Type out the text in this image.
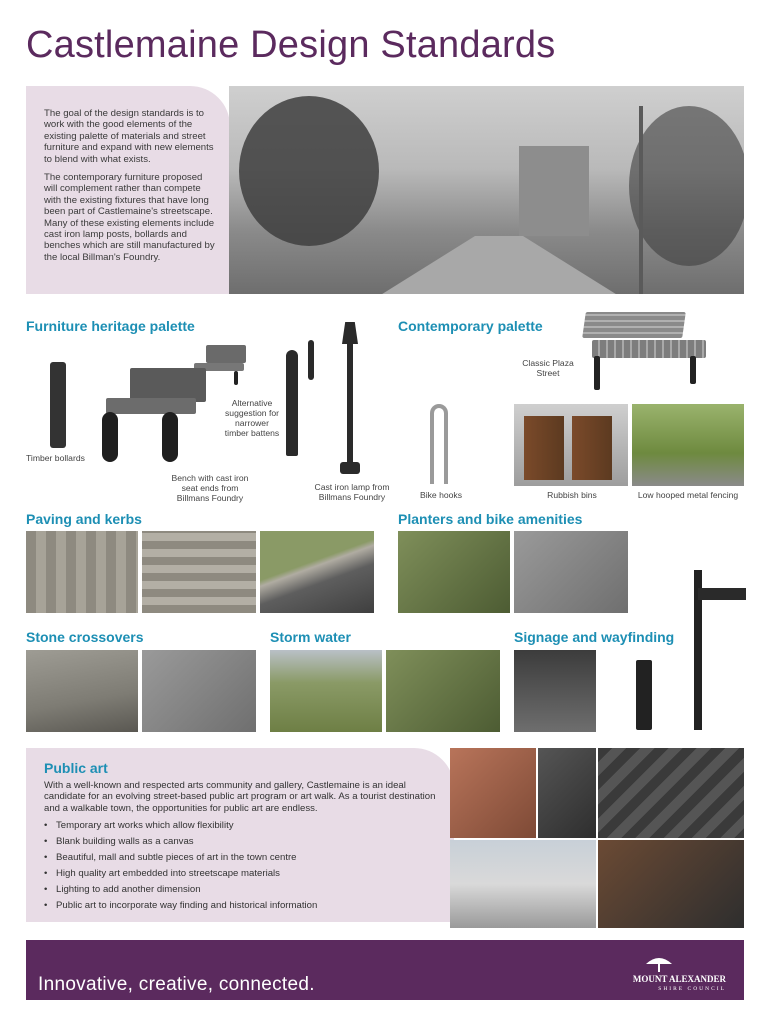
Castlemaine Design Standards

The goal of the design standards is to work with the good elements of the existing palette of materials and street furniture and expand with new elements to blend with what exists.

The contemporary furniture proposed will complement rather than compete with the existing fixtures that have long been part of Castlemaine's streetscape. Many of these existing elements include cast iron lamp posts, bollards and benches which are still manufactured by the local Billman's Foundry.

Furniture heritage palette	Contemporary palette
Timber bollards
Alternative suggestion for narrower timber battens
Bench with cast iron seat ends from Billmans Foundry
Cast iron lamp from Billmans Foundry
Classic Plaza Street
Bike hooks	Rubbish bins	Low hooped metal fencing
Paving and kerbs	Planters and bike amenities
Stone crossovers	Storm water	Signage and wayfinding
Public art

With a well-known and respected arts community and gallery, Castlemaine is an ideal candidate for an evolving street-based public art program or art walk. As a tourist destination and a walkable town, the opportunities for public art are endless.

• Temporary art works which allow flexibility
• Blank building walls as a canvas
• Beautiful, mall and subtle pieces of art in the town centre
• High quality art embedded into streetscape materials
• Lighting to add another dimension
• Public art to incorporate way finding and historical information
Innovative, creative, connected.	MOUNT ALEXANDER
SHIRE COUNCIL
